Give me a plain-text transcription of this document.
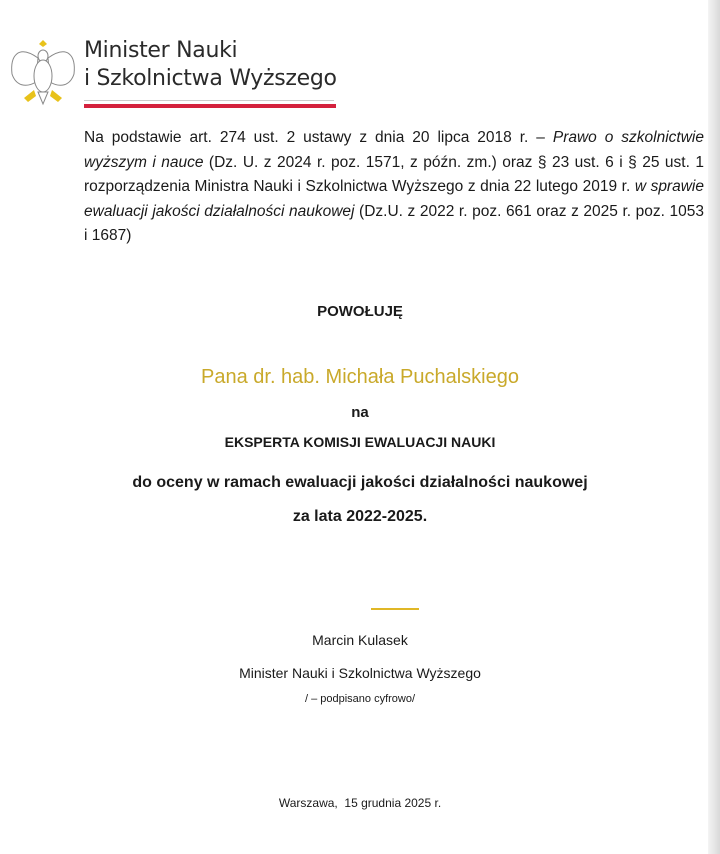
Minister Nauki
i Szkolnictwa Wyższego

Na podstawie art. 274 ust. 2 ustawy z dnia 20 lipca 2018 r. – Prawo o szkolnictwie wyższym i nauce (Dz. U. z 2024 r. poz. 1571, z późn. zm.) oraz § 23 ust. 6 i § 25 ust. 1 rozporządzenia Ministra Nauki i Szkolnictwa Wyższego z dnia 22 lutego 2019 r. w sprawie ewaluacji jakości działalności naukowej (Dz.U. z 2022 r. poz. 661 oraz z 2025 r. poz. 1053 i 1687)

POWOŁUJĘ
Pana dr. hab. Michała Puchalskiego
na
EKSPERTA KOMISJI EWALUACJI NAUKI
do oceny w ramach ewaluacji jakości działalności naukowej
za lata 2022-2025.
Marcin Kulasek
Minister Nauki i Szkolnictwa Wyższego
/ – podpisano cyfrowo/
Warszawa,  15 grudnia 2025 r.
